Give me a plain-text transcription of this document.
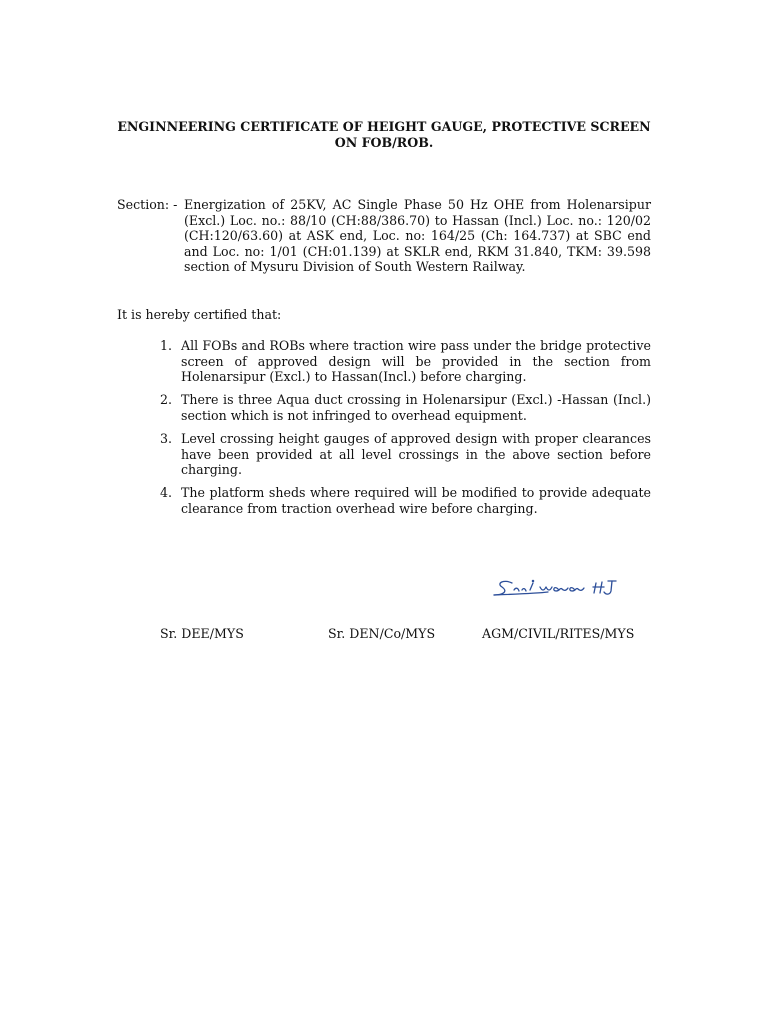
ENGINNEERING CERTIFICATE OF HEIGHT GAUGE, PROTECTIVE SCREEN ON FOB/ROB.
Section: - Energization of 25KV, AC Single Phase 50 Hz OHE from Holenarsipur (Excl.) Loc. no.: 88/10 (CH:88/386.70) to Hassan (Incl.) Loc. no.: 120/02 (CH:120/63.60) at ASK end, Loc. no: 164/25 (Ch: 164.737) at SBC end and Loc. no: 1/01 (CH:01.139) at SKLR end, RKM 31.840, TKM: 39.598 section of Mysuru Division of South Western Railway.
It is hereby certified that:
1. All FOBs and ROBs where traction wire pass under the bridge protective screen of approved design will be provided in the section from Holenarsipur (Excl.) to Hassan(Incl.) before charging.
2. There is three Aqua duct crossing in Holenarsipur (Excl.) -Hassan (Incl.) section which is not infringed to overhead equipment.
3. Level crossing height gauges of approved design with proper clearances have been provided at all level crossings in the above section before charging.
4. The platform sheds where required will be modified to provide adequate clearance from traction overhead wire before charging.
Sr. DEE/MYS	Sr. DEN/Co/MYS	AGM/CIVIL/RITES/MYS
